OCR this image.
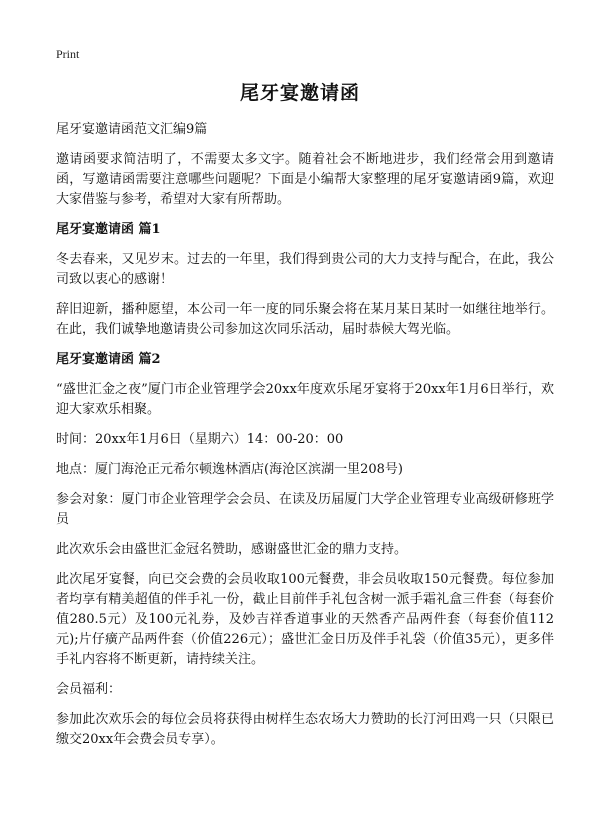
Print
尾牙宴邀请函
尾牙宴邀请函范文汇编9篇

邀请函要求简洁明了，不需要太多文字。随着社会不断地进步，我们经常会用到邀请函，写邀请函需要注意哪些问题呢？下面是小编帮大家整理的尾牙宴邀请函9篇，欢迎大家借鉴与参考，希望对大家有所帮助。

尾牙宴邀请函 篇1

冬去春来，又见岁末。过去的一年里，我们得到贵公司的大力支持与配合，在此，我公司致以衷心的感谢！

辞旧迎新，播种愿望，本公司一年一度的同乐聚会将在某月某日某时一如继往地举行。在此，我们诚挚地邀请贵公司参加这次同乐活动，届时恭候大驾光临。

尾牙宴邀请函 篇2

“盛世汇金之夜”厦门市企业管理学会20xx年度欢乐尾牙宴将于20xx年1月6日举行，欢迎大家欢乐相聚。

时间：20xx年1月6日（星期六）14：00-20：00

地点：厦门海沧正元希尔顿逸林酒店(海沧区滨湖一里208号)

参会对象：厦门市企业管理学会会员、在读及历届厦门大学企业管理专业高级研修班学员

此次欢乐会由盛世汇金冠名赞助，感谢盛世汇金的鼎力支持。

此次尾牙宴餐，向已交会费的会员收取100元餐费，非会员收取150元餐费。每位参加者均享有精美超值的伴手礼一份，截止目前伴手礼包含树一派手霜礼盒三件套（每套价值280.5元）及100元礼券，及妙吉祥香道事业的天然香产品两件套（每套价值112元);片仔癀产品两件套（价值226元）；盛世汇金日历及伴手礼袋（价值35元），更多伴手礼内容将不断更新，请持续关注。

会员福利：

参加此次欢乐会的每位会员将获得由树样生态农场大力赞助的长汀河田鸡一只（只限已缴交20xx年会费会员专享）。
